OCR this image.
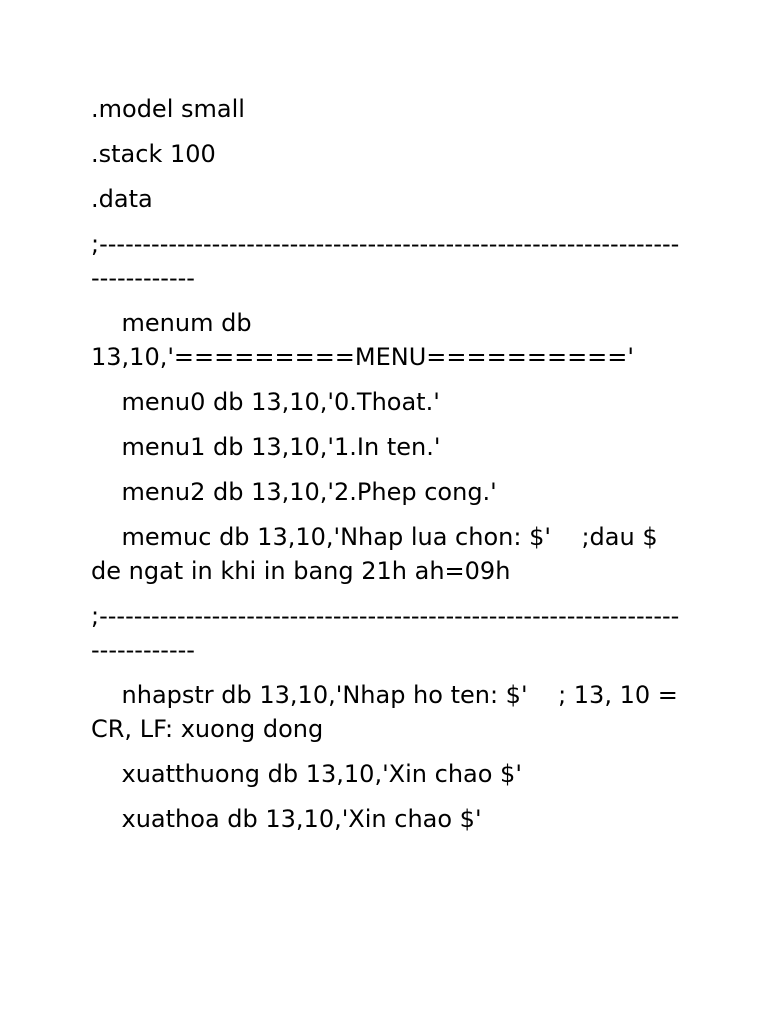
.model small
.stack 100
.data
;-------------------------------------------------------------------------------
menum db 13,10,'=========MENU=========='
menu0 db 13,10,'0.Thoat.'
menu1 db 13,10,'1.In ten.'
menu2 db 13,10,'2.Phep cong.'
memuc db 13,10,'Nhap lua chon: $'    ;dau $ de ngat in khi in bang 21h ah=09h
;-------------------------------------------------------------------------------
nhapstr db 13,10,'Nhap ho ten: $'    ; 13, 10 = CR, LF: xuong dong
xuatthuong db 13,10,'Xin chao $'
xuathoa db 13,10,'Xin chao $'
